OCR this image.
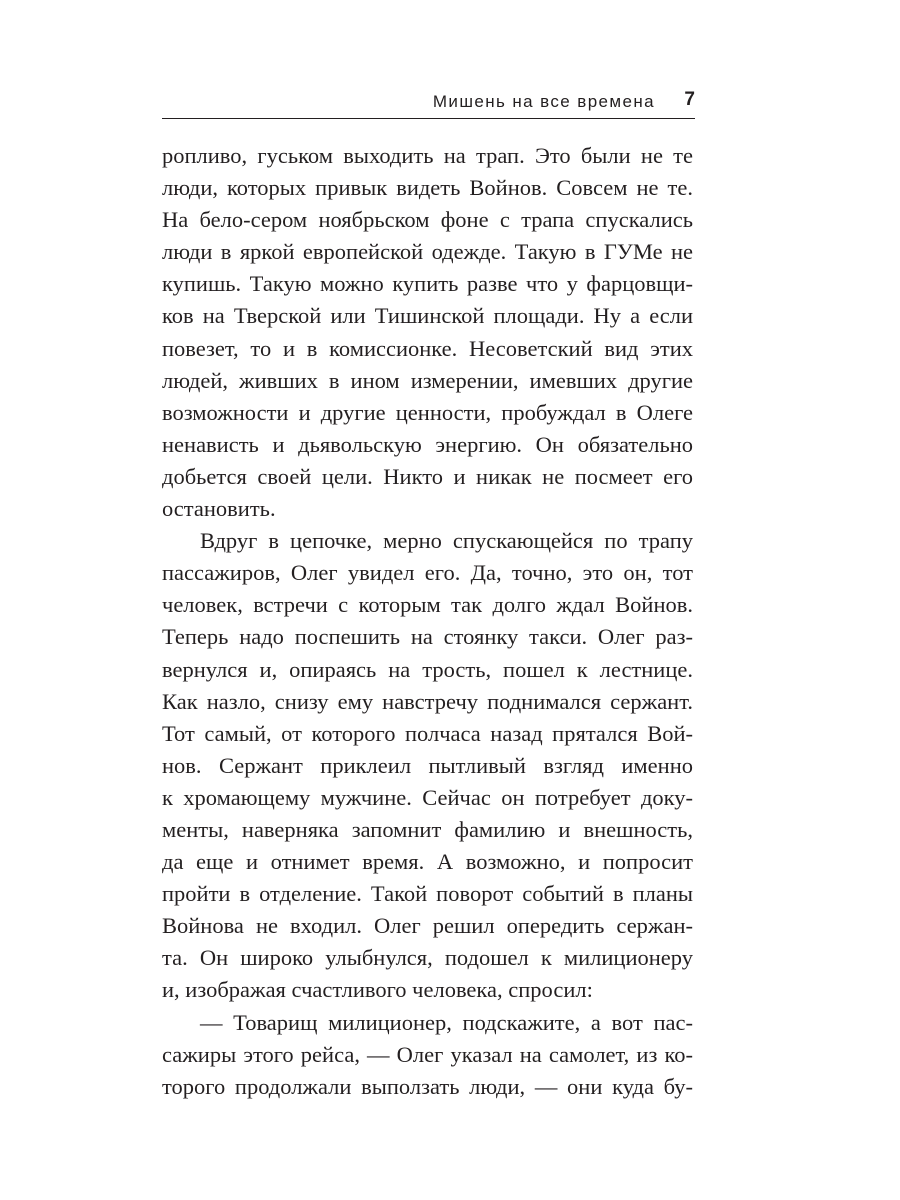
Мишень на все времена 7
ропливо, гуськом выходить на трап. Это были не те
люди, которых привык видеть Войнов. Совсем не те.
На бело-сером ноябрьском фоне с трапа спускались
люди в яркой европейской одежде. Такую в ГУМе не
купишь. Такую можно купить разве что у фарцовщи-
ков на Тверской или Тишинской площади. Ну а если
повезет, то и в комиссионке. Несоветский вид этих
людей, живших в ином измерении, имевших другие
возможности и другие ценности, пробуждал в Олеге
ненависть и дьявольскую энергию. Он обязательно
добьется своей цели. Никто и никак не посмеет его
остановить.
Вдруг в цепочке, мерно спускающейся по трапу
пассажиров, Олег увидел его. Да, точно, это он, тот
человек, встречи с которым так долго ждал Войнов.
Теперь надо поспешить на стоянку такси. Олег раз-
вернулся и, опираясь на трость, пошел к лестнице.
Как назло, снизу ему навстречу поднимался сержант.
Тот самый, от которого полчаса назад прятался Вой-
нов. Сержант приклеил пытливый взгляд именно
к хромающему мужчине. Сейчас он потребует доку-
менты, наверняка запомнит фамилию и внешность,
да еще и отнимет время. А возможно, и попросит
пройти в отделение. Такой поворот событий в планы
Войнова не входил. Олег решил опередить сержан-
та. Он широко улыбнулся, подошел к милиционеру
и, изображая счастливого человека, спросил:
— Товарищ милиционер, подскажите, а вот пас-
сажиры этого рейса, — Олег указал на самолет, из ко-
торого продолжали выползать люди, — они куда бу-
